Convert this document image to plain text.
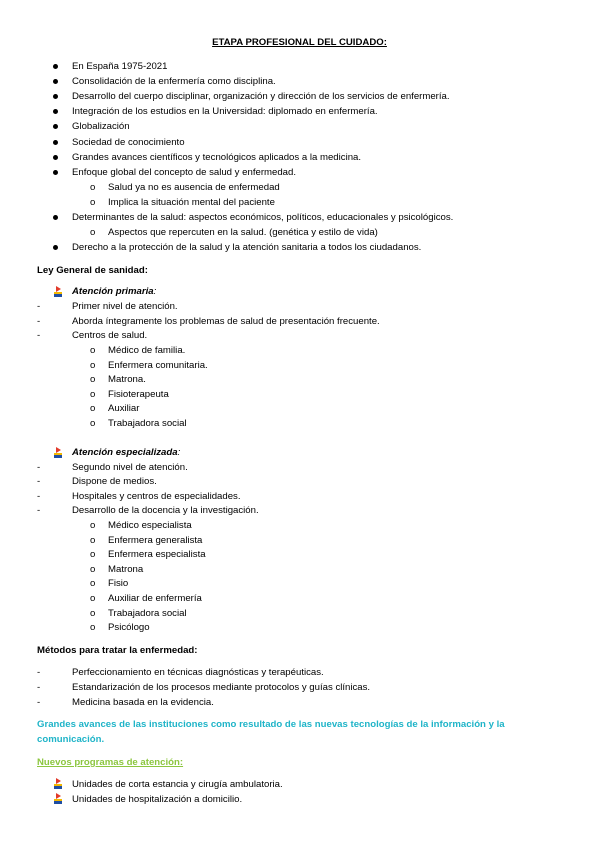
ETAPA PROFESIONAL DEL CUIDADO:
En España 1975-2021
Consolidación de la enfermería como disciplina.
Desarrollo del cuerpo disciplinar, organización y dirección de los servicios de enfermería.
Integración de los estudios en la Universidad: diplomado en enfermería.
Globalización
Sociedad de conocimiento
Grandes avances científicos y tecnológicos aplicados a la medicina.
Enfoque global del concepto de salud y enfermedad.
o Salud ya no es ausencia de enfermedad
o Implica la situación mental del paciente
Determinantes de la salud: aspectos económicos, políticos, educacionales y psicológicos.
o Aspectos que repercuten en la salud. (genética y estilo de vida)
Derecho a la protección de la salud y la atención sanitaria a todos los ciudadanos.
Ley General de sanidad:
Atención primaria:
-	Primer nivel de atención.
-	Aborda íntegramente los problemas de salud de presentación frecuente.
-	Centros de salud.
o Médico de familia.
o Enfermera comunitaria.
o Matrona.
o Fisioterapeuta
o Auxiliar
o Trabajadora social
Atención especializada:
-	Segundo nivel de atención.
-	Dispone de medios.
-	Hospitales y centros de especialidades.
-	Desarrollo de la docencia y la investigación.
o Médico especialista
o Enfermera generalista
o Enfermera especialista
o Matrona
o Fisio
o Auxiliar de enfermería
o Trabajadora social
o Psicólogo
Métodos para tratar la enfermedad:
-	Perfeccionamiento en técnicas diagnósticas y terapéuticas.
-	Estandarización de los procesos mediante protocolos y guías clínicas.
-	Medicina basada en la evidencia.
Grandes avances de las instituciones como resultado de las nuevas tecnologías de la información y la
comunicación.
Nuevos programas de atención:
Unidades de corta estancia y cirugía ambulatoria.
Unidades de hospitalización a domicilio.
